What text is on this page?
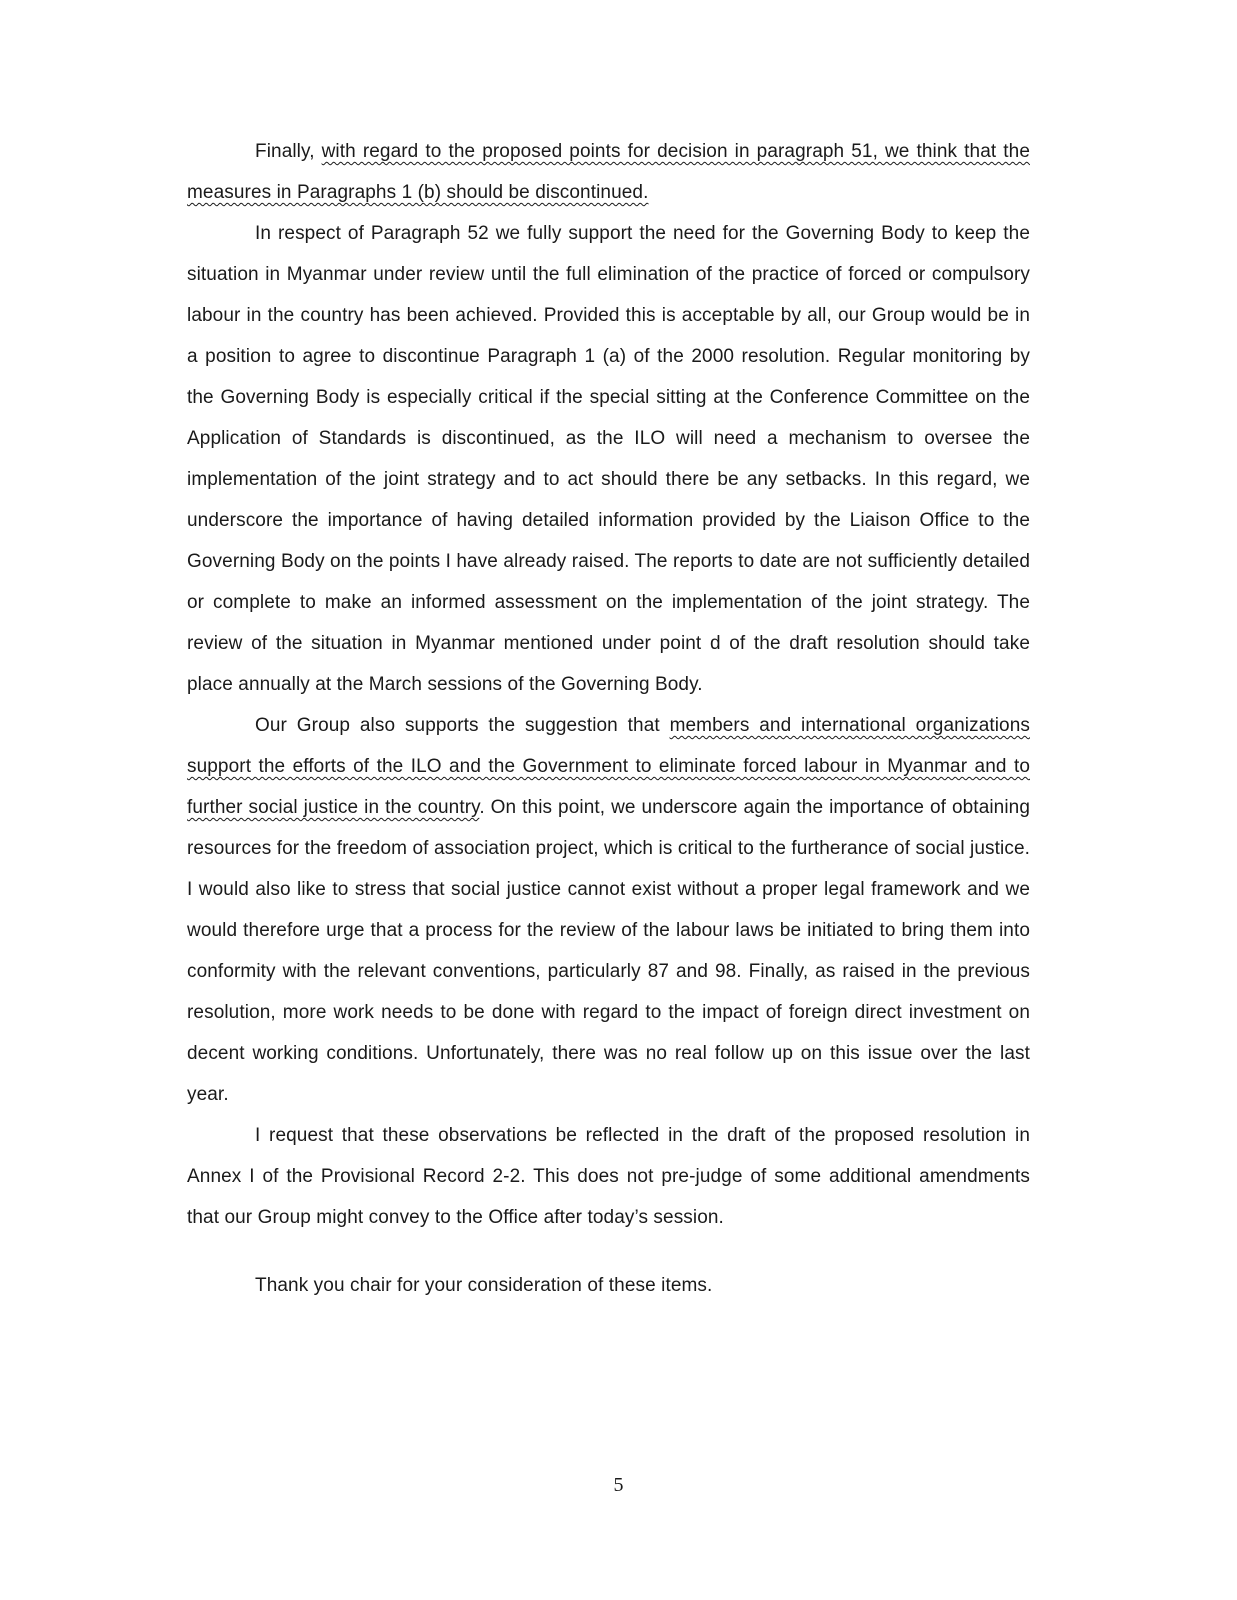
Finally, with regard to the proposed points for decision in paragraph 51, we think that the measures in Paragraphs 1 (b) should be discontinued.

In respect of Paragraph 52 we fully support the need for the Governing Body to keep the situation in Myanmar under review until the full elimination of the practice of forced or compulsory labour in the country has been achieved. Provided this is acceptable by all, our Group would be in a position to agree to discontinue Paragraph 1 (a) of the 2000 resolution. Regular monitoring by the Governing Body is especially critical if the special sitting at the Conference Committee on the Application of Standards is discontinued, as the ILO will need a mechanism to oversee the implementation of the joint strategy and to act should there be any setbacks. In this regard, we underscore the importance of having detailed information provided by the Liaison Office to the Governing Body on the points I have already raised. The reports to date are not sufficiently detailed or complete to make an informed assessment on the implementation of the joint strategy. The review of the situation in Myanmar mentioned under point d of the draft resolution should take place annually at the March sessions of the Governing Body.

Our Group also supports the suggestion that members and international organizations support the efforts of the ILO and the Government to eliminate forced labour in Myanmar and to further social justice in the country. On this point, we underscore again the importance of obtaining resources for the freedom of association project, which is critical to the furtherance of social justice. I would also like to stress that social justice cannot exist without a proper legal framework and we would therefore urge that a process for the review of the labour laws be initiated to bring them into conformity with the relevant conventions, particularly 87 and 98. Finally, as raised in the previous resolution, more work needs to be done with regard to the impact of foreign direct investment on decent working conditions. Unfortunately, there was no real follow up on this issue over the last year.

I request that these observations be reflected in the draft of the proposed resolution in Annex I of the Provisional Record 2-2. This does not pre-judge of some additional amendments that our Group might convey to the Office after today’s session.

Thank you chair for your consideration of these items.

5
